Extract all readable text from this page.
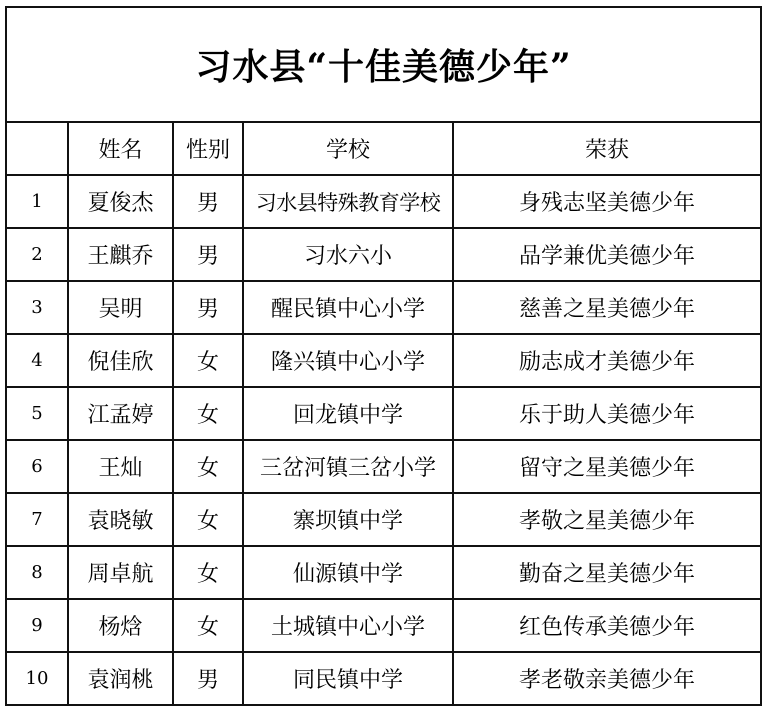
习水县“十佳美德少年”				
	姓名	性别	学校	荣获
1	夏俊杰	男	习水县特殊教育学校	身残志坚美德少年
2	王麒乔	男	习水六小	品学兼优美德少年
3	吴明	男	醒民镇中心小学	慈善之星美德少年
4	倪佳欣	女	隆兴镇中心小学	励志成才美德少年
5	江孟婷	女	回龙镇中学	乐于助人美德少年
6	王灿	女	三岔河镇三岔小学	留守之星美德少年
7	袁晓敏	女	寨坝镇中学	孝敬之星美德少年
8	周卓航	女	仙源镇中学	勤奋之星美德少年
9	杨焓	女	土城镇中心小学	红色传承美德少年
10	袁润桃	男	同民镇中学	孝老敬亲美德少年
